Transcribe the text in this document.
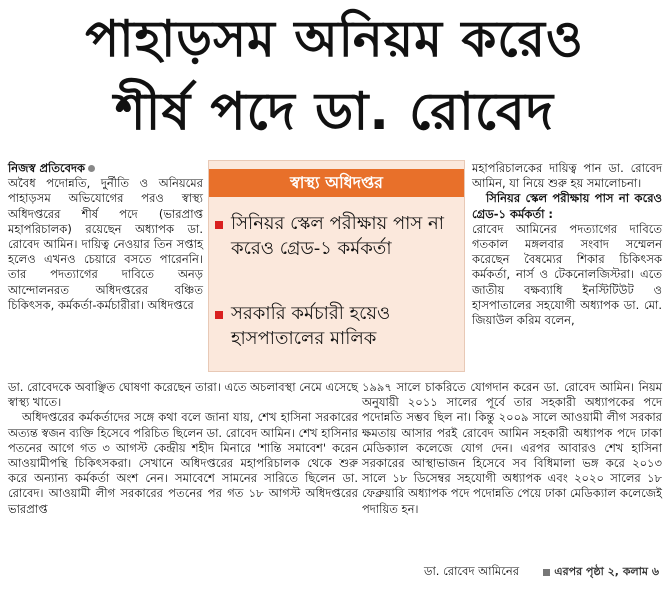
পাহাড়সম অনিয়ম করেও
শীর্ষ পদে ডা. রোবেদ

নিজস্ব প্রতিবেদক

অবৈধ পদোন্নতি, দুর্নীতি ও অনিয়মের পাহাড়সম অভিযোগের পরও স্বাস্থ্য অধিদপ্তরের শীর্ষ পদে (ভারপ্রাপ্ত মহাপরিচালক) রয়েছেন অধ্যাপক ডা. রোবেদ আমিন। দায়িত্ব নেওয়ার তিন সপ্তাহ হলেও এখনও চেয়ারে বসতে পারেননি। তার পদত্যাগের দাবিতে অনড় আন্দোলনরত অধিদপ্তরের বঞ্চিত চিকিৎসক, কর্মকর্তা-কর্মচারীরা। অধিদপ্তরে

স্বাস্থ্য অধিদপ্তর
সিনিয়র স্কেল পরীক্ষায় পাস না করেও গ্রেড-১ কর্মকর্তা
সরকারি কর্মচারী হয়েও হাসপাতালের মালিক

মহাপরিচালকের দায়িত্ব পান ডা. রোবেদ আমিন, যা নিয়ে শুরু হয় সমালোচনা।

সিনিয়র স্কেল পরীক্ষায় পাস না করেও গ্রেড-১ কর্মকর্তা :

রোবেদ আমিনের পদত্যাগের দাবিতে গতকাল মঙ্গলবার সংবাদ সম্মেলন করেছেন বৈষম্যের শিকার চিকিৎসক কর্মকর্তা, নার্স ও টেকনোলজিস্টরা। এতে জাতীয় বক্ষব্যাধি ইনস্টিটিউট ও হাসপাতালের সহযোগী অধ্যাপক ডা. মো. জিয়াউল করিম বলেন,

ডা. রোবেদকে অবাঞ্ছিত ঘোষণা করেছেন তারা। এতে অচলাবস্থা নেমে এসেছে স্বাস্থ্য খাতে।

অধিদপ্তরের কর্মকর্তাদের সঙ্গে কথা বলে জানা যায়, শেখ হাসিনা সরকারের অত্যন্ত স্বজন ব্যক্তি হিসেবে পরিচিত ছিলেন ডা. রোবেদ আমিন। শেখ হাসিনার পতনের আগে গত ৩ আগস্ট কেন্দ্রীয় শহীদ মিনারে 'শান্তি সমাবেশ' করেন আওয়ামীপন্থি চিকিৎসকরা। সেখানে অধিদপ্তরের মহাপরিচালক থেকে শুরু করে অন্যান্য কর্মকর্তা অংশ নেন। সমাবেশে সামনের সারিতে ছিলেন ডা. রোবেদ। আওয়ামী লীগ সরকারের পতনের পর গত ১৮ আগস্ট অধিদপ্তরের ভারপ্রাপ্ত

১৯৯৭ সালে চাকরিতে যোগদান করেন ডা. রোবেদ আমিন। নিয়ম অনুযায়ী ২০১১ সালের পূর্বে তার সহকারী অধ্যাপকের পদে পদোন্নতি সম্ভব ছিল না। কিন্তু ২০০৯ সালে আওয়ামী লীগ সরকার ক্ষমতায় আসার পরই রোবেদ আমিন সহকারী অধ্যাপক পদে ঢাকা মেডিক্যাল কলেজে যোগ দেন। এরপর আবারও শেখ হাসিনা সরকারের আস্থাভাজন হিসেবে সব বিধিমালা ভঙ্গ করে ২০১৩ সালে ১৮ ডিসেম্বর সহযোগী অধ্যাপক এবং ২০২০ সালের ১৮ ফেব্রুয়ারি অধ্যাপক পদে পদোন্নতি পেয়ে ঢাকা মেডিক্যাল কলেজেই পদায়িত হন।

ডা. রোবেদ আমিনের	এরপর পৃষ্ঠা ২, কলাম ৬
